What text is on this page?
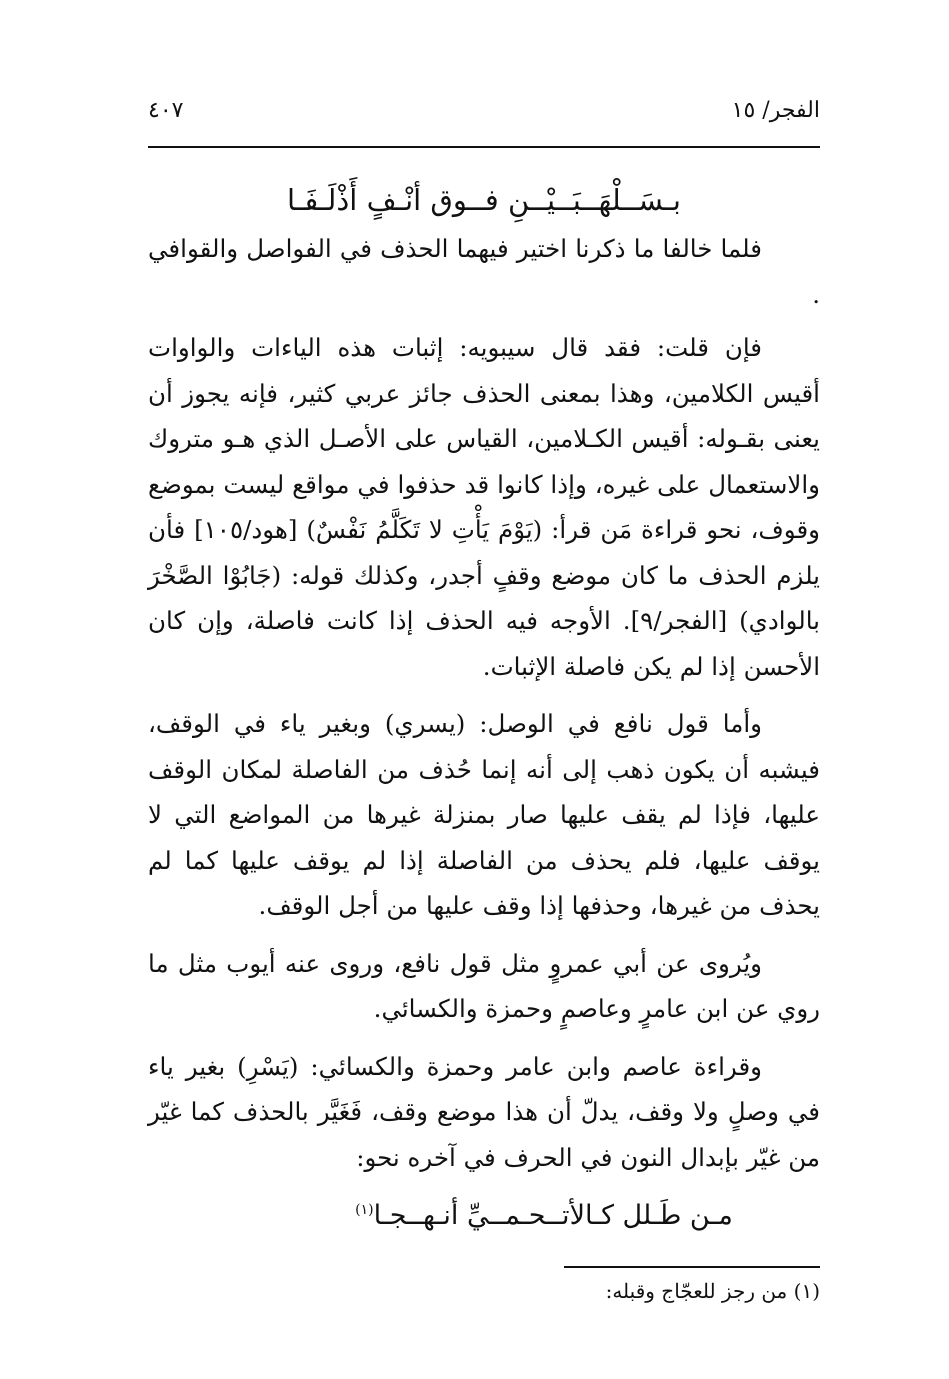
الفجر/ ١٥
٤٠٧
بـسَــلْهَــبَــيْــنِ فــوق أنْـفٍ أَذْلَـفَـا

فلما خالفا ما ذكرنا اختير فيهما الحذف في الفواصل والقوافي .

فإن قلت: فقد قال سيبويه: إثبات هذه الياءات والواوات أقيس الكلامين، وهذا بمعنى الحذف جائز عربي كثير، فإنه يجوز أن يعنى بقـوله: أقيس الكـلامين، القياس على الأصـل الذي هـو متروك والاستعمال على غيره، وإذا كانوا قد حذفوا في مواقع ليست بموضع وقوف، نحو قراءة مَن قرأ: (يَوْمَ يَأْتِ لا تَكَلَّمُ نَفْسٌ) [هود/١٠٥] فأن يلزم الحذف ما كان موضع وقفٍ أجدر، وكذلك قوله: (جَابُوْا الصَّخْرَ بالوادي) [الفجر/٩]. الأوجه فيه الحذف إذا كانت فاصلة، وإن كان الأحسن إذا لم يكن فاصلة الإثبات.

وأما قول نافع في الوصل: (يسري) وبغير ياء في الوقف، فيشبه أن يكون ذهب إلى أنه إنما حُذف من الفاصلة لمكان الوقف عليها، فإذا لم يقف عليها صار بمنزلة غيرها من المواضع التي لا يوقف عليها، فلم يحذف من الفاصلة إذا لم يوقف عليها كما لم يحذف من غيرها، وحذفها إذا وقف عليها من أجل الوقف.

ويُروى عن أبي عمروٍ مثل قول نافع، وروى عنه أيوب مثل ما روي عن ابن عامرٍ وعاصمٍ وحمزة والكسائي.

وقراءة عاصم وابن عامر وحمزة والكسائي: (يَسْرِ) بغير ياء في وصلٍ ولا وقف، يدلّ أن هذا موضع وقف، فَغَيَّر بالحذف كما غيّر من غيّر بإبدال النون في الحرف في آخره نحو:

مـن طَـلل كـالأتــحـمــيِّ أنـهــجـا$^{(١)}$
(١) من رجز للعجّاج وقبله:
